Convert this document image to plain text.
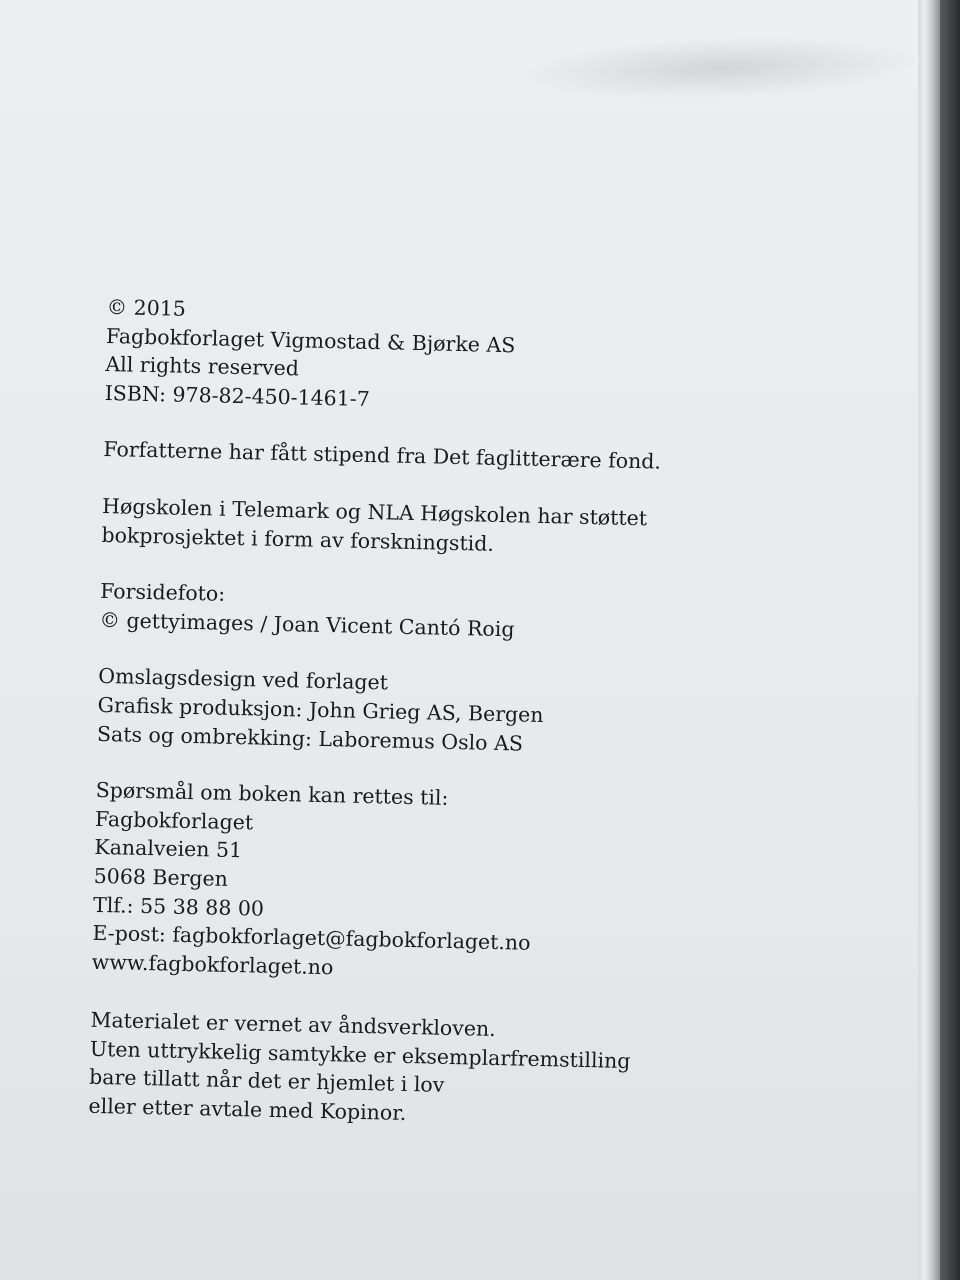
© 2015
Fagbokforlaget Vigmostad & Bjørke AS
All rights reserved
ISBN: 978-82-450-1461-7
Forfatterne har fått stipend fra Det faglitterære fond.
Høgskolen i Telemark og NLA Høgskolen har støttet
bokprosjektet i form av forskningstid.
Forsidefoto:
© gettyimages / Joan Vicent Cantó Roig
Omslagsdesign ved forlaget
Grafisk produksjon: John Grieg AS, Bergen
Sats og ombrekking: Laboremus Oslo AS
Spørsmål om boken kan rettes til:
Fagbokforlaget
Kanalveien 51
5068 Bergen
Tlf.: 55 38 88 00
E-post: fagbokforlaget@fagbokforlaget.no
www.fagbokforlaget.no
Materialet er vernet av åndsverkloven.
Uten uttrykkelig samtykke er eksemplarfremstilling
bare tillatt når det er hjemlet i lov
eller etter avtale med Kopinor.
